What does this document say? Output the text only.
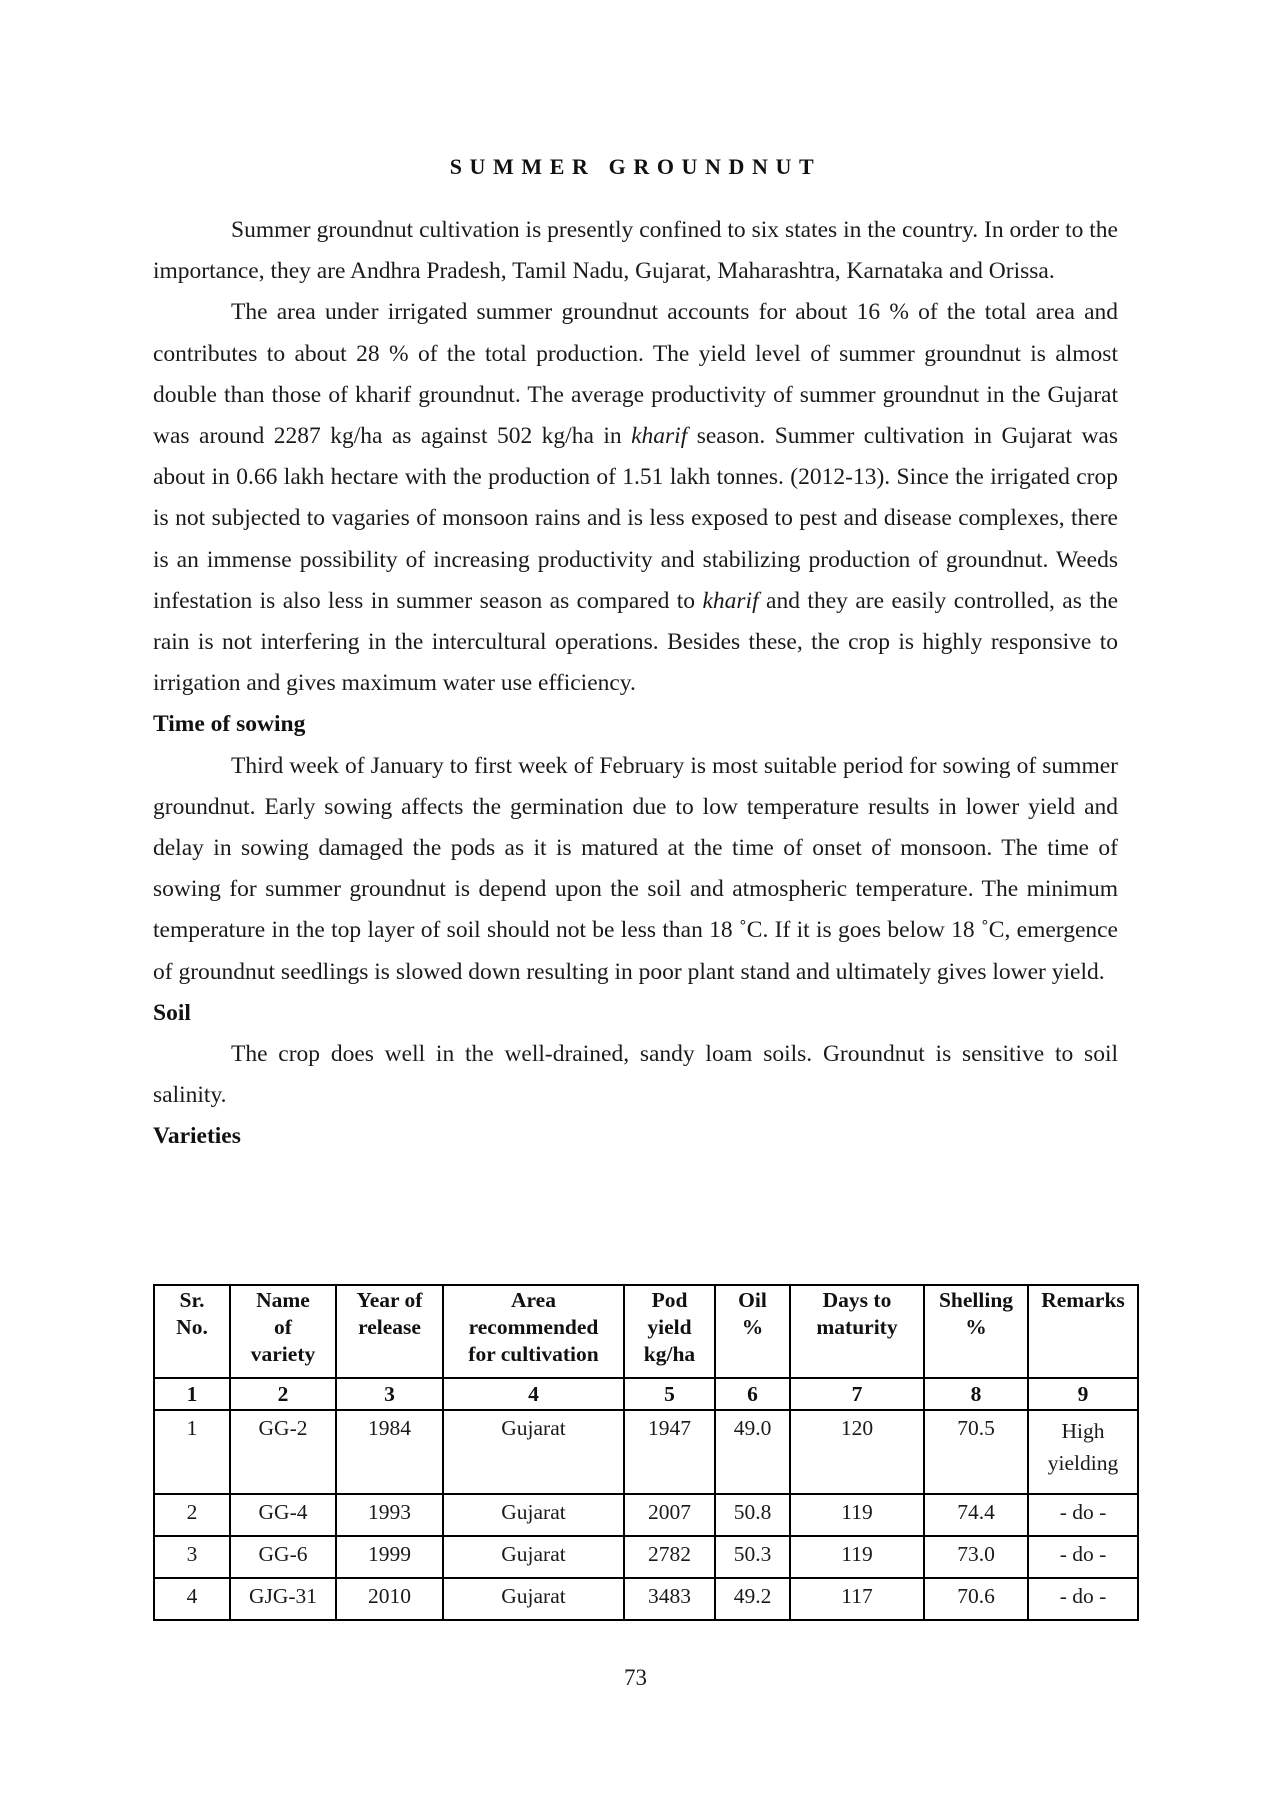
SUMMER GROUNDNUT

Summer groundnut cultivation is presently confined to six states in the country. In order to the importance, they are Andhra Pradesh, Tamil Nadu, Gujarat, Maharashtra, Karnataka and Orissa.

The area under irrigated summer groundnut accounts for about 16 % of the total area and contributes to about 28 % of the total production. The yield level of summer groundnut is almost double than those of kharif groundnut. The average productivity of summer groundnut in the Gujarat was around 2287 kg/ha as against 502 kg/ha in kharif season. Summer cultivation in Gujarat was about in 0.66 lakh hectare with the production of 1.51 lakh tonnes. (2012-13). Since the irrigated crop is not subjected to vagaries of monsoon rains and is less exposed to pest and disease complexes, there is an immense possibility of increasing productivity and stabilizing production of groundnut. Weeds infestation is also less in summer season as compared to kharif and they are easily controlled, as the rain is not interfering in the intercultural operations. Besides these, the crop is highly responsive to irrigation and gives maximum water use efficiency.

Time of sowing

Third week of January to first week of February is most suitable period for sowing of summer groundnut. Early sowing affects the germination due to low temperature results in lower yield and delay in sowing damaged the pods as it is matured at the time of onset of monsoon. The time of sowing for summer groundnut is depend upon the soil and atmospheric temperature. The minimum temperature in the top layer of soil should not be less than 18 ˚C. If it is goes below 18 ˚C, emergence of groundnut seedlings is slowed down resulting in poor plant stand and ultimately gives lower yield.

Soil

The crop does well in the well-drained, sandy loam soils. Groundnut is sensitive to soil salinity.

Varieties

Sr.
No.	Name
of
variety	Year of
release	Area
recommended
for cultivation	Pod
yield
kg/ha	Oil
%	Days to
maturity	Shelling
%	Remarks
1	2	3	4	5	6	7	8	9
1	GG-2	1984	Gujarat	1947	49.0	120	70.5	High
yielding
2	GG-4	1993	Gujarat	2007	50.8	119	74.4	- do -
3	GG-6	1999	Gujarat	2782	50.3	119	73.0	- do -
4	GJG-31	2010	Gujarat	3483	49.2	117	70.6	- do -
73
